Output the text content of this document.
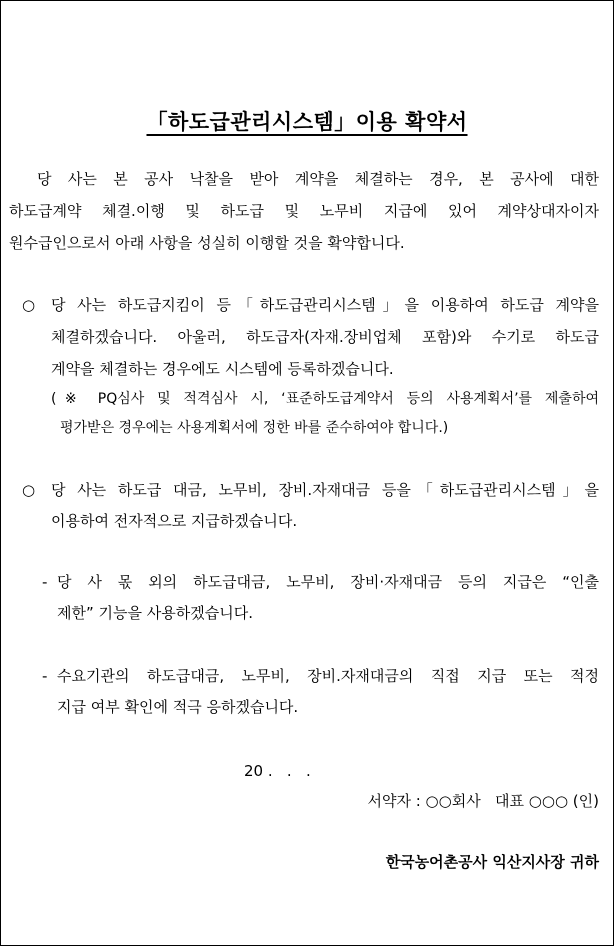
「하도급관리시스템」이용 확약서
당 사는 본 공사 낙찰을 받아 계약을 체결하는 경우, 본 공사에 대한
하도급계약 체결.이행 및 하도급 및 노무비 지급에 있어 계약상대자이자
원수급인으로서 아래 사항을 성실히 이행할 것을 확약합니다.
○ 당 사는 하도급지킴이 등「하도급관리시스템」을 이용하여 하도급 계약을
체결하겠습니다. 아울러, 하도급자(자재.장비업체 포함)와 수기로 하도급
계약을 체결하는 경우에도 시스템에 등록하겠습니다.
(※ PQ심사 및 적격심사 시, ‘표준하도급계약서 등의 사용계획서’를 제출하여
평가받은 경우에는 사용계획서에 정한 바를 준수하여야 합니다.)
○ 당 사는 하도급 대금, 노무비, 장비.자재대금 등을「하도급관리시스템」을
이용하여 전자적으로 지급하겠습니다.
- 당 사 몫 외의 하도급대금, 노무비, 장비·자재대금 등의 지급은 “인출
제한” 기능을 사용하겠습니다.
- 수요기관의 하도급대금, 노무비, 장비.자재대금의 직접 지급 또는 적정
지급 여부 확인에 적극 응하겠습니다.
20 .   .   .
서약자 : ○○회사   대표 ○○○ (인)
한국농어촌공사 익산지사장 귀하
